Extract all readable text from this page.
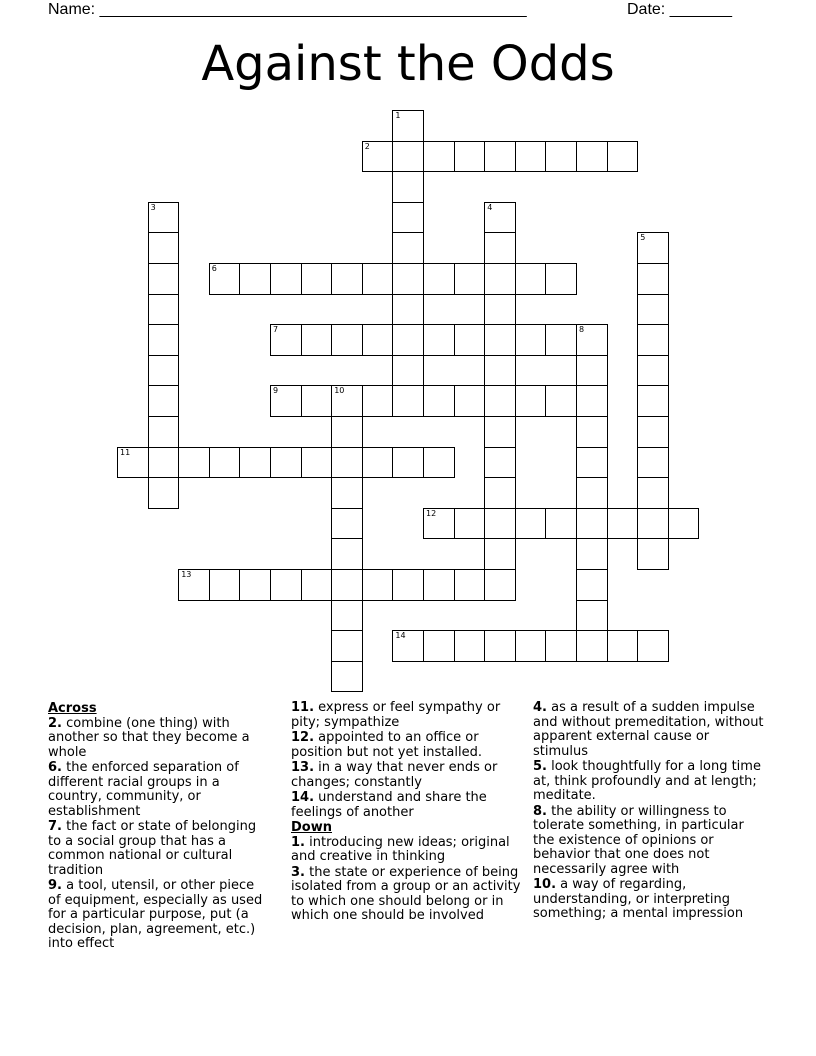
Name: ________________________________________________	Date: _______
Against the Odds
1
2
3	4
5
6
7	8
9	10
11
12
13
14
Across
2. combine (one thing) with another so that they become a whole
6. the enforced separation of different racial groups in a country, community, or establishment
7. the fact or state of belonging to a social group that has a common national or cultural tradition
9. a tool, utensil, or other piece of equipment, especially as used for a particular purpose, put (a decision, plan, agreement, etc.) into effect
11. express or feel sympathy or pity; sympathize
12. appointed to an office or position but not yet installed.
13. in a way that never ends or changes; constantly
14. understand and share the feelings of another
Down
1. introducing new ideas; original and creative in thinking
3. the state or experience of being isolated from a group or an activity to which one should belong or in which one should be involved
4. as a result of a sudden impulse and without premeditation, without apparent external cause or stimulus
5. look thoughtfully for a long time at, think profoundly and at length; meditate.
8. the ability or willingness to tolerate something, in particular the existence of opinions or behavior that one does not necessarily agree with
10. a way of regarding, understanding, or interpreting something; a mental impression
